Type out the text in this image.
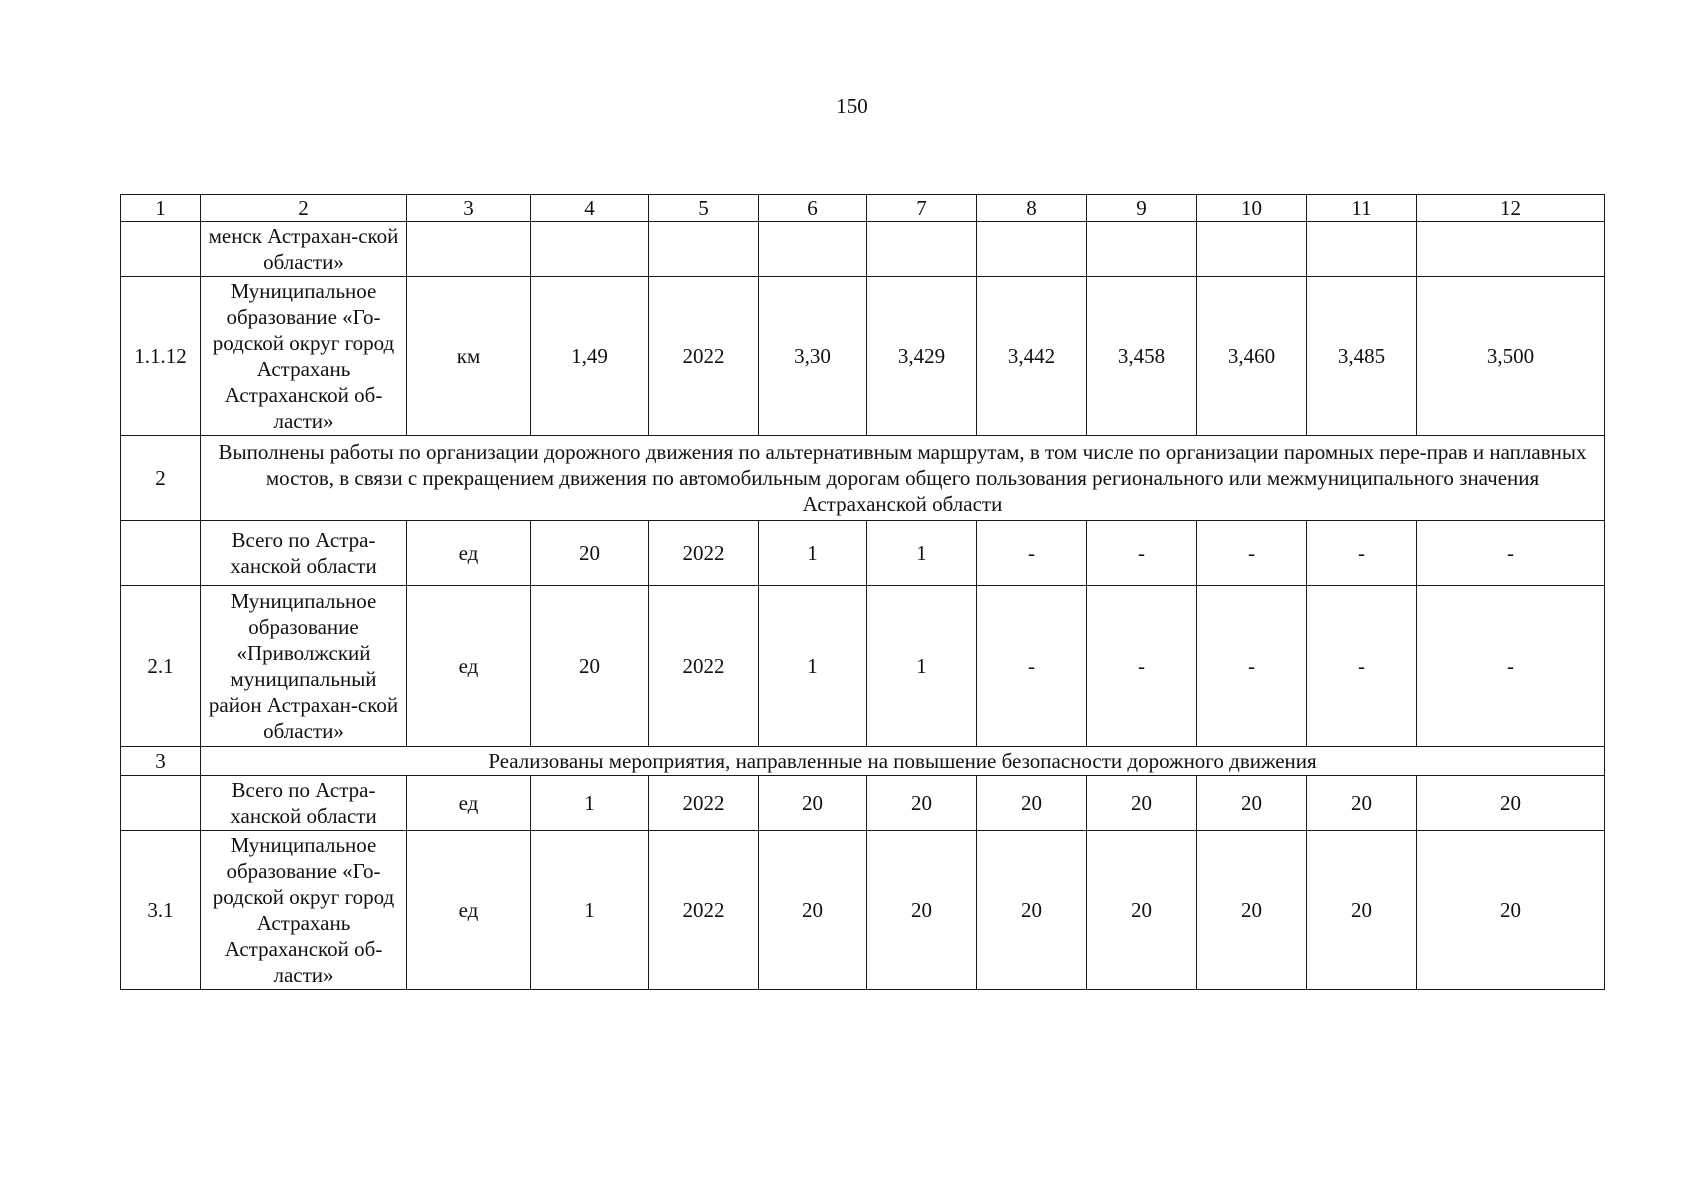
150
1	2	3	4	5	6	7	8	9	10	11	12
	менск Астрахан-ской области»										
1.1.12	Муниципальное образование «Го-родской округ город Астрахань Астраханской об-ласти»	км	1,49	2022	3,30	3,429	3,442	3,458	3,460	3,485	3,500
2	Выполнены работы по организации дорожного движения по альтернативным маршрутам, в том числе по организации паромных пере-прав и наплавных мостов, в связи с прекращением движения по автомобильным дорогам общего пользования регионального или межмуниципального значения Астраханской области										
	Всего по Астра-ханской области	ед	20	2022	1	1	-	-	-	-	-
2.1	Муниципальное образование «Приволжский муниципальный район Астрахан-ской области»	ед	20	2022	1	1	-	-	-	-	-
3	Реализованы мероприятия, направленные на повышение безопасности дорожного движения										
	Всего по Астра-ханской области	ед	1	2022	20	20	20	20	20	20	20
3.1	Муниципальное образование «Го-родской округ город Астрахань Астраханской об-ласти»	ед	1	2022	20	20	20	20	20	20	20
